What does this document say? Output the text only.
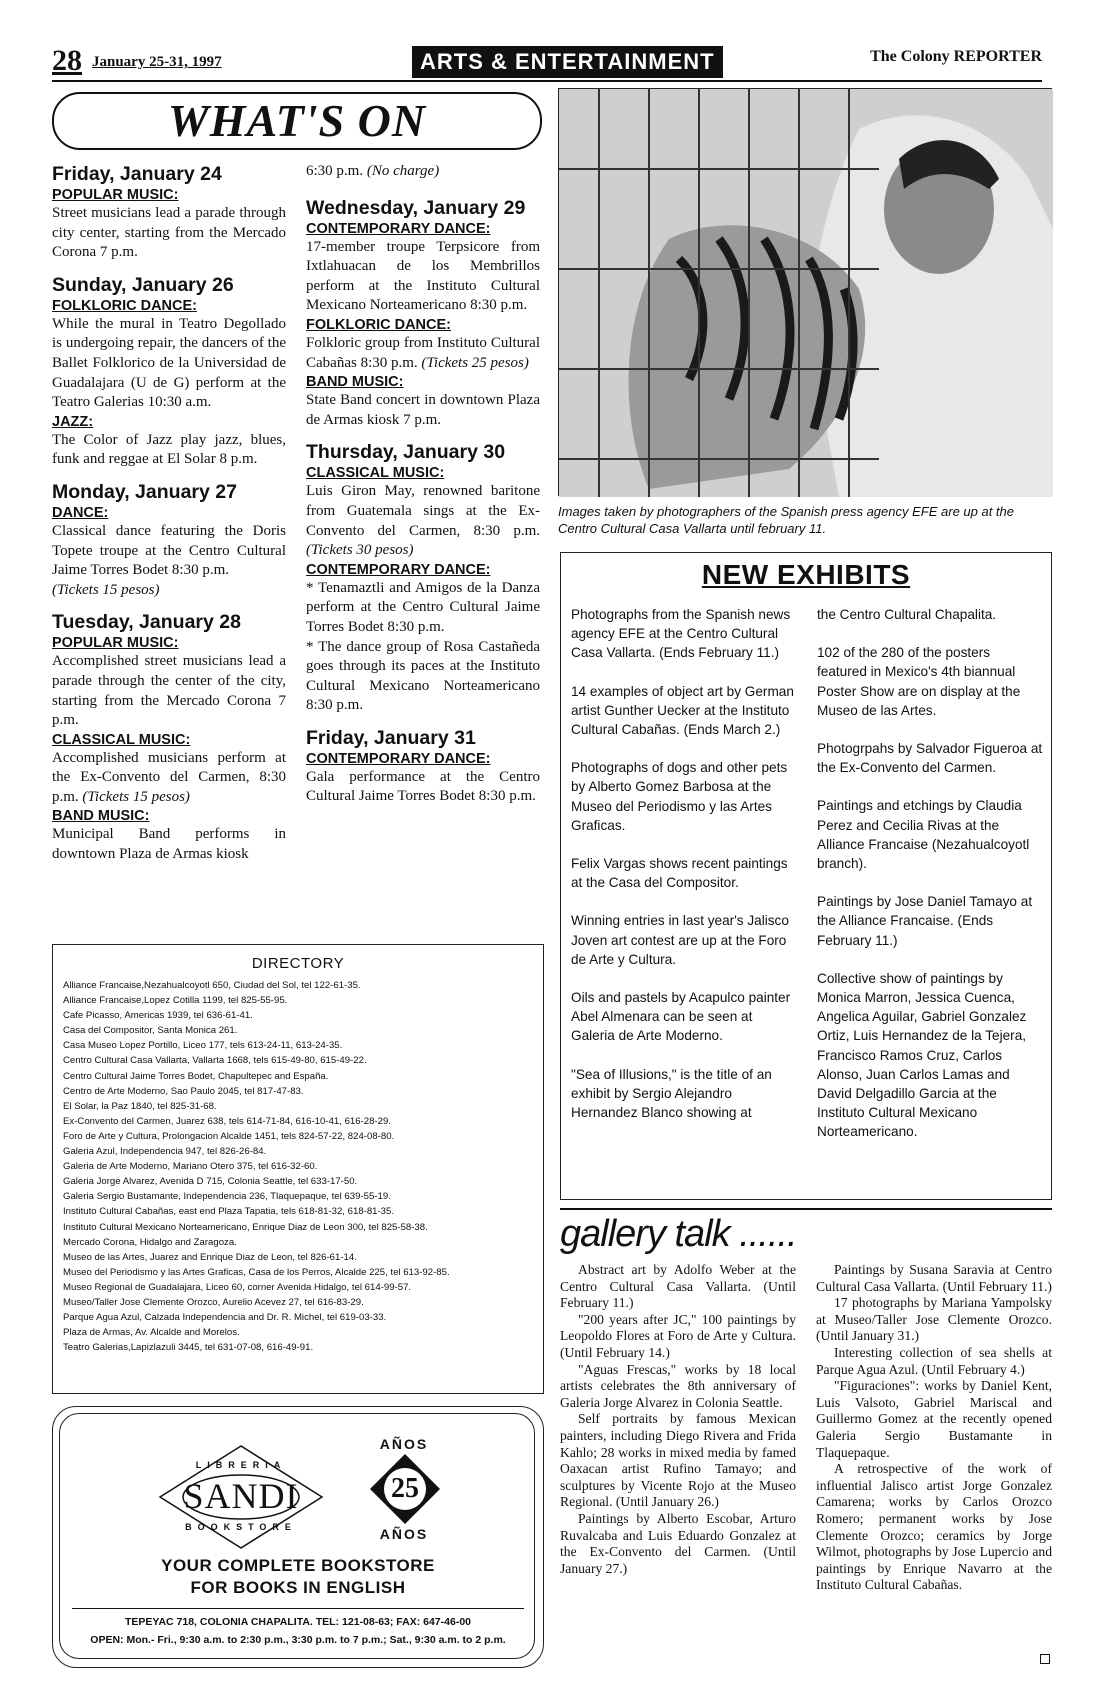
28 January 25-31, 1997	ARTS & ENTERTAINMENT	The Colony REPORTER
WHAT'S ON
Friday, January 24
POPULAR MUSIC:
Street musicians lead a parade through city center, starting from the Mercado Corona 7 p.m.
Sunday, January 26
FOLKLORIC DANCE:
While the mural in Teatro Degollado is undergoing repair, the dancers of the Ballet Folklorico de la Universidad de Guadalajara (U de G) perform at the Teatro Galerias 10:30 a.m.
JAZZ:
The Color of Jazz play jazz, blues, funk and reggae at El Solar 8 p.m.
Monday, January 27
DANCE:
Classical dance featuring the Doris Topete troupe at the Centro Cultural Jaime Torres Bodet 8:30 p.m.
(Tickets 15 pesos)
Tuesday, January 28
POPULAR MUSIC:
Accomplished street musicians lead a parade through the center of the city, starting from the Mercado Corona 7 p.m.
CLASSICAL MUSIC:
Accomplished musicians perform at the Ex-Convento del Carmen, 8:30 p.m. (Tickets 15 pesos)
BAND MUSIC:
Municipal Band performs in downtown Plaza de Armas kiosk
6:30 p.m. (No charge)
Wednesday, January 29
CONTEMPORARY DANCE:
17-member troupe Terpsicore from Ixtlahuacan de los Membrillos perform at the Instituto Cultural Mexicano Norteamericano 8:30 p.m.
FOLKLORIC DANCE:
Folkloric group from Instituto Cultural Cabañas 8:30 p.m. (Tickets 25 pesos)
BAND MUSIC:
State Band concert in downtown Plaza de Armas kiosk 7 p.m.
Thursday, January 30
CLASSICAL MUSIC:
Luis Giron May, renowned baritone from Guatemala sings at the Ex-Convento del Carmen, 8:30 p.m. (Tickets 30 pesos)
CONTEMPORARY DANCE:
* Tenamaztli and Amigos de la Danza perform at the Centro Cultural Jaime Torres Bodet 8:30 p.m.
* The dance group of Rosa Castañeda goes through its paces at the Instituto Cultural Mexicano Norteamericano 8:30 p.m.
Friday, January 31
CONTEMPORARY DANCE:
Gala performance at the Centro Cultural Jaime Torres Bodet 8:30 p.m.
Images taken by photographers of the Spanish press agency EFE are up at the Centro Cultural Casa Vallarta until february 11.
NEW EXHIBITS

Photographs from the Spanish news agency EFE at the Centro Cultural Casa Vallarta. (Ends February 11.)

14 examples of object art by German artist Gunther Uecker at the Instituto Cultural Cabañas. (Ends March 2.)

Photographs of dogs and other pets by Alberto Gomez Barbosa at the Museo del Periodismo y las Artes Graficas.

Felix Vargas shows recent paintings at the Casa del Compositor.

Winning entries in last year's Jalisco Joven art contest are up at the Foro de Arte y Cultura.

Oils and pastels by Acapulco painter Abel Almenara can be seen at Galeria de Arte Moderno.

"Sea of Illusions," is the title of an exhibit by Sergio Alejandro Hernandez Blanco showing at

the Centro Cultural Chapalita.

102 of the 280 of the posters featured in Mexico's 4th biannual Poster Show are on display at the Museo de las Artes.

Photogrpahs by Salvador Figueroa at the Ex-Convento del Carmen.

Paintings and etchings by Claudia Perez and Cecilia Rivas at the Alliance Francaise (Nezahualcoyotl branch).

Paintings by Jose Daniel Tamayo at the Alliance Francaise. (Ends February 11.)

Collective show of paintings by Monica Marron, Jessica Cuenca, Angelica Aguilar, Gabriel Gonzalez Ortiz, Luis Hernandez de la Tejera, Francisco Ramos Cruz, Carlos Alonso, Juan Carlos Lamas and David Delgadillo Garcia at the Instituto Cultural Mexicano Norteamericano.

DIRECTORY
Alliance Francaise,Nezahualcoyotl 650, Ciudad del Sol, tel 122-61-35.
Alliance Francaise,Lopez Cotilla 1199, tel 825-55-95.
Cafe Picasso, Americas 1939, tel 636-61-41.
Casa del Compositor, Santa Monica 261.
Casa Museo Lopez Portillo, Liceo 177, tels 613-24-11, 613-24-35.
Centro Cultural Casa Vallarta, Vallarta 1668, tels 615-49-80, 615-49-22.
Centro Cultural Jaime Torres Bodet, Chapultepec and España.
Centro de Arte Moderno, Sao Paulo 2045, tel 817-47-83.
El Solar, la Paz 1840, tel 825-31-68.
Ex-Convento del Carmen, Juarez 638, tels 614-71-84, 616-10-41, 616-28-29.
Foro de Arte y Cultura, Prolongacion Alcalde 1451, tels 824-57-22, 824-08-80.
Galeria Azul, Independencia 947, tel 826-26-84.
Galeria de Arte Moderno, Mariano Otero 375, tel 616-32-60.
Galeria Jorge Alvarez, Avenida D 715, Colonia Seattle, tel 633-17-50.
Galeria Sergio Bustamante, Independencia 236, Tlaquepaque, tel 639-55-19.
Instituto Cultural Cabañas, east end Plaza Tapatia, tels 618-81-32, 618-81-35.
Instituto Cultural Mexicano Norteamericano, Enrique Diaz de Leon 300, tel 825-58-38.
Mercado Corona, Hidalgo and Zaragoza.
Museo de las Artes, Juarez and Enrique Diaz de Leon, tel 826-61-14.
Museo del Periodismo y las Artes Graficas, Casa de los Perros, Alcalde 225, tel 613-92-85.
Museo Regional de Guadalajara, Liceo 60, corner Avenida Hidalgo, tel 614-99-57.
Museo/Taller Jose Clemente Orozco, Aurelio Acevez 27, tel 616-83-29.
Parque Agua Azul, Calzada Independencia and Dr. R. Michel, tel 619-03-33.
Plaza de Armas, Av. Alcalde and Morelos.
Teatro Galerias,Lapizlazuli 3445, tel 631-07-08, 616-49-91.
LIBRERIA
SANDI
BOOKSTORE
AÑOS
25
AÑOS
YOUR COMPLETE BOOKSTORE
FOR BOOKS IN ENGLISH
TEPEYAC 718, COLONIA CHAPALITA. TEL: 121-08-63; FAX: 647-46-00
OPEN: Mon.- Fri., 9:30 a.m. to 2:30 p.m., 3:30 p.m. to 7 p.m.; Sat., 9:30 a.m. to 2 p.m.
gallery talk ......

Abstract art by Adolfo Weber at the Centro Cultural Casa Vallarta. (Until February 11.)

"200 years after JC," 100 paintings by Leopoldo Flores at Foro de Arte y Cultura. (Until February 14.)

"Aguas Frescas," works by 18 local artists celebrates the 8th anniversary of Galeria Jorge Alvarez in Colonia Seattle.

Self portraits by famous Mexican painters, including Diego Rivera and Frida Kahlo; 28 works in mixed media by famed Oaxacan artist Rufino Tamayo; and sculptures by Vicente Rojo at the Museo Regional. (Until January 26.)

Paintings by Alberto Escobar, Arturo Ruvalcaba and Luis Eduardo Gonzalez at the Ex-Convento del Carmen. (Until January 27.)

Paintings by Susana Saravia at Centro Cultural Casa Vallarta. (Until February 11.)

17 photographs by Mariana Yampolsky at Museo/Taller Jose Clemente Orozco. (Until January 31.)

Interesting collection of sea shells at Parque Agua Azul. (Until February 4.)

"Figuraciones": works by Daniel Kent, Luis Valsoto, Gabriel Mariscal and Guillermo Gomez at the recently opened Galeria Sergio Bustamante in Tlaquepaque.

A retrospective of the work of influential Jalisco artist Jorge Gonzalez Camarena; works by Carlos Orozco Romero; permanent works by Jose Clemente Orozco; ceramics by Jorge Wilmot, photographs by Jose Lupercio and paintings by Enrique Navarro at the Instituto Cultural Cabañas.
